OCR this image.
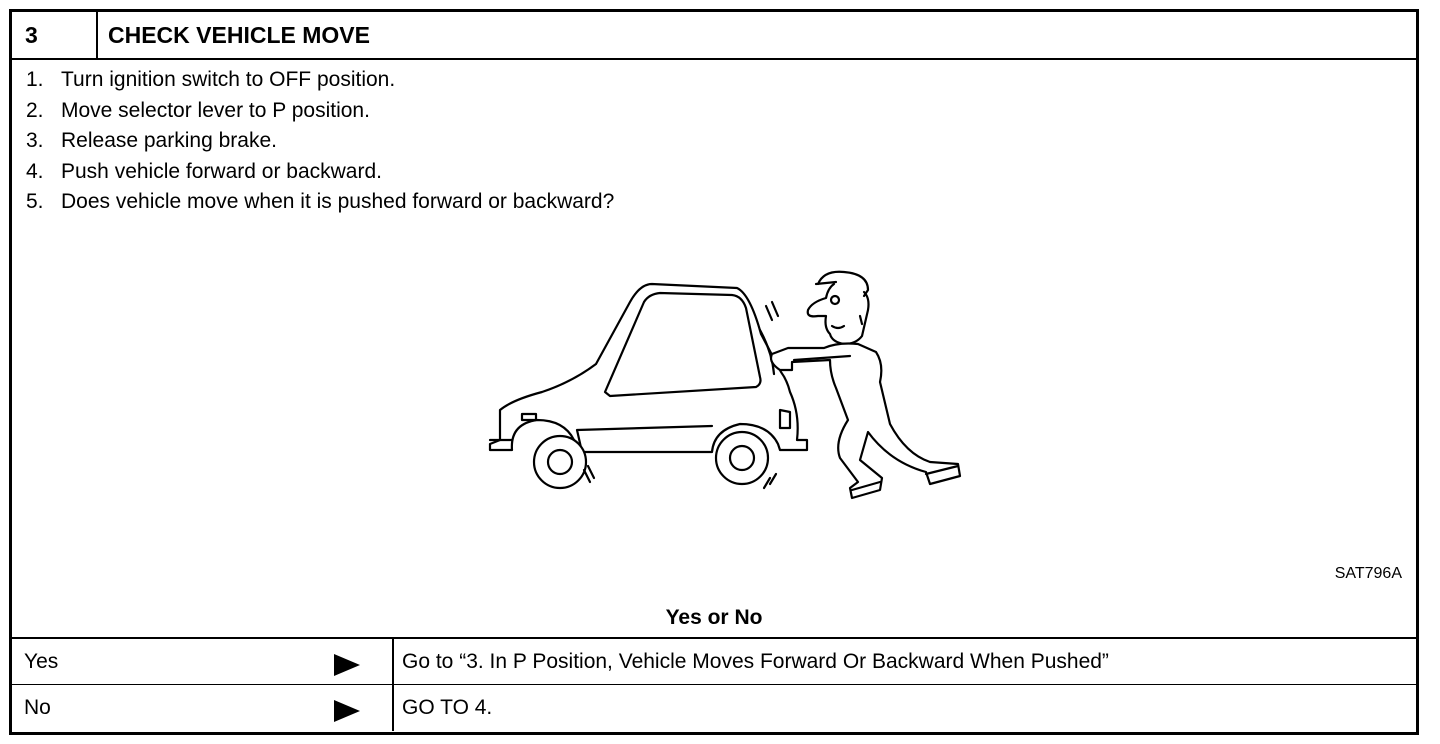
3	CHECK VEHICLE MOVE
1. Turn ignition switch to OFF position.
2. Move selector lever to P position.
3. Release parking brake.
4. Push vehicle forward or backward.
5. Does vehicle move when it is pushed forward or backward?
SAT796A
Yes or No
Yes	Go to “3. In P Position, Vehicle Moves Forward Or Backward When Pushed”
No	GO TO 4.
